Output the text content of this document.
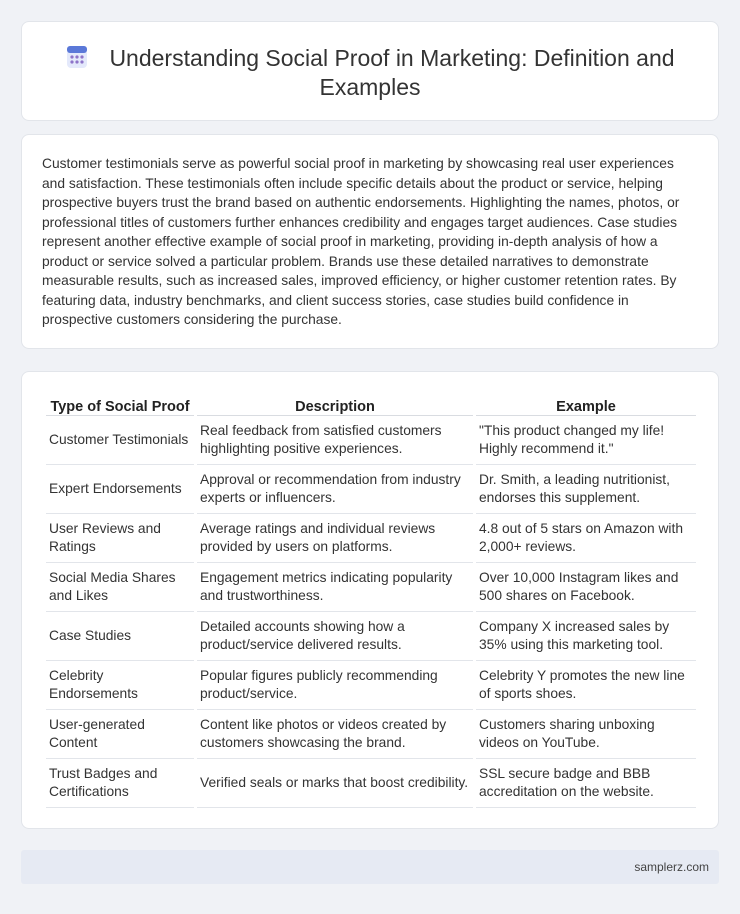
Understanding Social Proof in Marketing: Definition and Examples

Customer testimonials serve as powerful social proof in marketing by showcasing real user experiences and satisfaction. These testimonials often include specific details about the product or service, helping prospective buyers trust the brand based on authentic endorsements. Highlighting the names, photos, or professional titles of customers further enhances credibility and engages target audiences. Case studies represent another effective example of social proof in marketing, providing in-depth analysis of how a product or service solved a particular problem. Brands use these detailed narratives to demonstrate measurable results, such as increased sales, improved efficiency, or higher customer retention rates. By featuring data, industry benchmarks, and client success stories, case studies build confidence in prospective customers considering the purchase.

Type of Social Proof	Description	Example
Customer Testimonials	Real feedback from satisfied customers highlighting positive experiences.	"This product changed my life! Highly recommend it."
Expert Endorsements	Approval or recommendation from industry experts or influencers.	Dr. Smith, a leading nutritionist, endorses this supplement.
User Reviews and Ratings	Average ratings and individual reviews provided by users on platforms.	4.8 out of 5 stars on Amazon with 2,000+ reviews.
Social Media Shares and Likes	Engagement metrics indicating popularity and trustworthiness.	Over 10,000 Instagram likes and 500 shares on Facebook.
Case Studies	Detailed accounts showing how a product/service delivered results.	Company X increased sales by 35% using this marketing tool.
Celebrity Endorsements	Popular figures publicly recommending product/service.	Celebrity Y promotes the new line of sports shoes.
User-generated Content	Content like photos or videos created by customers showcasing the brand.	Customers sharing unboxing videos on YouTube.
Trust Badges and Certifications	Verified seals or marks that boost credibility.	SSL secure badge and BBB accreditation on the website.
samplerz.com
